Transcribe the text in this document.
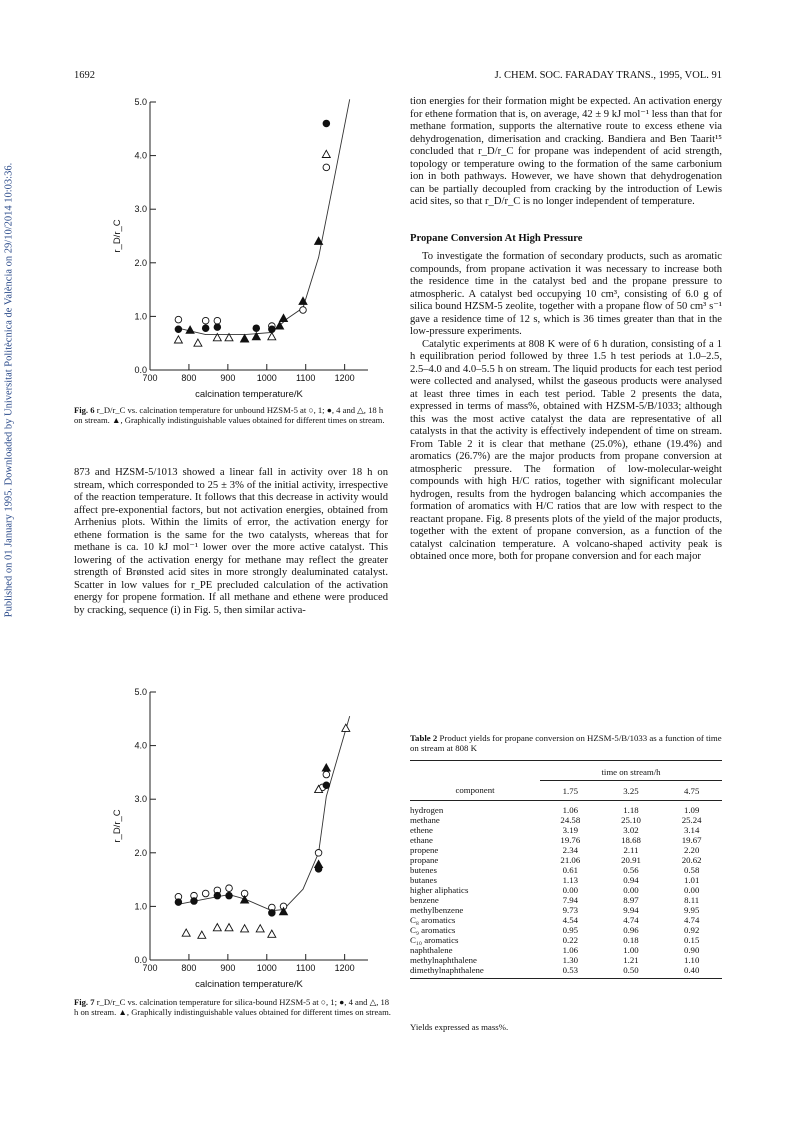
1692	J. CHEM. SOC. FARADAY TRANS., 1995, VOL. 91
Published on 01 January 1995. Downloaded by Universitat Politècnica de València on 29/10/2014 10:03:36.	0.0
1.0
2.0
3.0
4.0
5.0
700	800	900 1000 1100 1200
calcination temperature/K
r_D/r_C
Fig. 6 r_D/r_C vs. calcination temperature for unbound HZSM-5 at ○, 1; ●, 4 and △, 18 h on stream. ▲, Graphically indistinguishable values obtained for different times on stream.

873 and HZSM-5/1013 showed a linear fall in activity over 18 h on stream, which corresponded to 25 ± 3% of the initial activity, irrespective of the reaction temperature. It follows that this decrease in activity would affect pre-exponential factors, but not activation energies, obtained from Arrhenius plots. Within the limits of error, the activation energy for ethene formation is the same for the two catalysts, whereas that for methane is ca. 10 kJ mol⁻¹ lower over the more active catalyst. This lowering of the activation energy for methane may reflect the greater strength of Brønsted acid sites in more strongly dealuminated catalyst. Scatter in low values for r_PE precluded calculation of the activation energy for propene formation. If all methane and ethene were produced by cracking, sequence (i) in Fig. 5, then similar activa-

0.0
1.0
2.0
3.0
4.0
5.0
700	800	900 1000 1100 1200
calcination temperature/K
r_D/r_C
Fig. 7 r_D/r_C vs. calcination temperature for silica-bound HZSM-5 at ○, 1; ●, 4 and △, 18 h on stream. ▲, Graphically indistinguishable values obtained for different times on stream.

tion energies for their formation might be expected. An activation energy for ethene formation that is, on average, 42 ± 9 kJ mol⁻¹ less than that for methane formation, supports the alternative route to excess ethene via dehydrogenation, dimerisation and cracking. Bandiera and Ben Taarit¹⁵ concluded that r_D/r_C for propane was independent of acid strength, topology or temperature owing to the formation of the same carbonium ion in both pathways. However, we have shown that dehydrogenation can be partially decoupled from cracking by the introduction of Lewis acid sites, so that r_D/r_C is no longer independent of temperature.

Propane Conversion At High Pressure

To investigate the formation of secondary products, such as aromatic compounds, from propane activation it was necessary to increase both the residence time in the catalyst bed and the propane pressure to atmospheric. A catalyst bed occupying 10 cm³, consisting of 6.0 g of silica bound HZSM-5 zeolite, together with a propane flow of 50 cm³ s⁻¹ gave a residence time of 12 s, which is 36 times greater than that in the low-pressure experiments.

Catalytic experiments at 808 K were of 6 h duration, consisting of a 1 h equilibration period followed by three 1.5 h test periods at 1.0–2.5, 2.5–4.0 and 4.0–5.5 h on stream. The liquid products for each test period were collected and analysed, whilst the gaseous products were analysed at least three times in each test period. Table 2 presents the data, expressed in terms of mass%, obtained with HZSM-5/B/1033; although this was the most active catalyst the data are representative of all catalysts in that the activity is effectively independent of time on stream. From Table 2 it is clear that methane (25.0%), ethane (19.4%) and aromatics (26.7%) are the major products from propane conversion at atmospheric pressure. The formation of low-molecular-weight compounds with high H/C ratios, together with significant molecular hydrogen, results from the hydrogen balancing which accompanies the formation of aromatics with H/C ratios that are low with respect to the reactant propane. Fig. 8 presents plots of the yield of the major products, together with the extent of propane conversion, as a function of the catalyst calcination temperature. A volcano-shaped activity peak is obtained once more, both for propane conversion and for each major

Table 2 Product yields for propane conversion on HZSM-5/B/1033 as a function of time on stream at 808 K

	time on stream/h		
component	1.75	3.25	4.75
hydrogen	1.06	1.18	1.09
methane	24.58	25.10	25.24
ethene	3.19	3.02	3.14
ethane	19.76	18.68	19.67
propene	2.34	2.11	2.20
propane	21.06	20.91	20.62
butenes	0.61	0.56	0.58
butanes	1.13	0.94	1.01
higher aliphatics	0.00	0.00	0.00
benzene	7.94	8.97	8.11
methylbenzene	9.73	9.94	9.95
C₈ aromatics	4.54	4.74	4.74
C₉ aromatics	0.95	0.96	0.92
C₁₀ aromatics	0.22	0.18	0.15
naphthalene	1.06	1.00	0.90
methylnaphthalene	1.30	1.21	1.10
dimethylnaphthalene	0.53	0.50	0.40
Yields expressed as mass%.
